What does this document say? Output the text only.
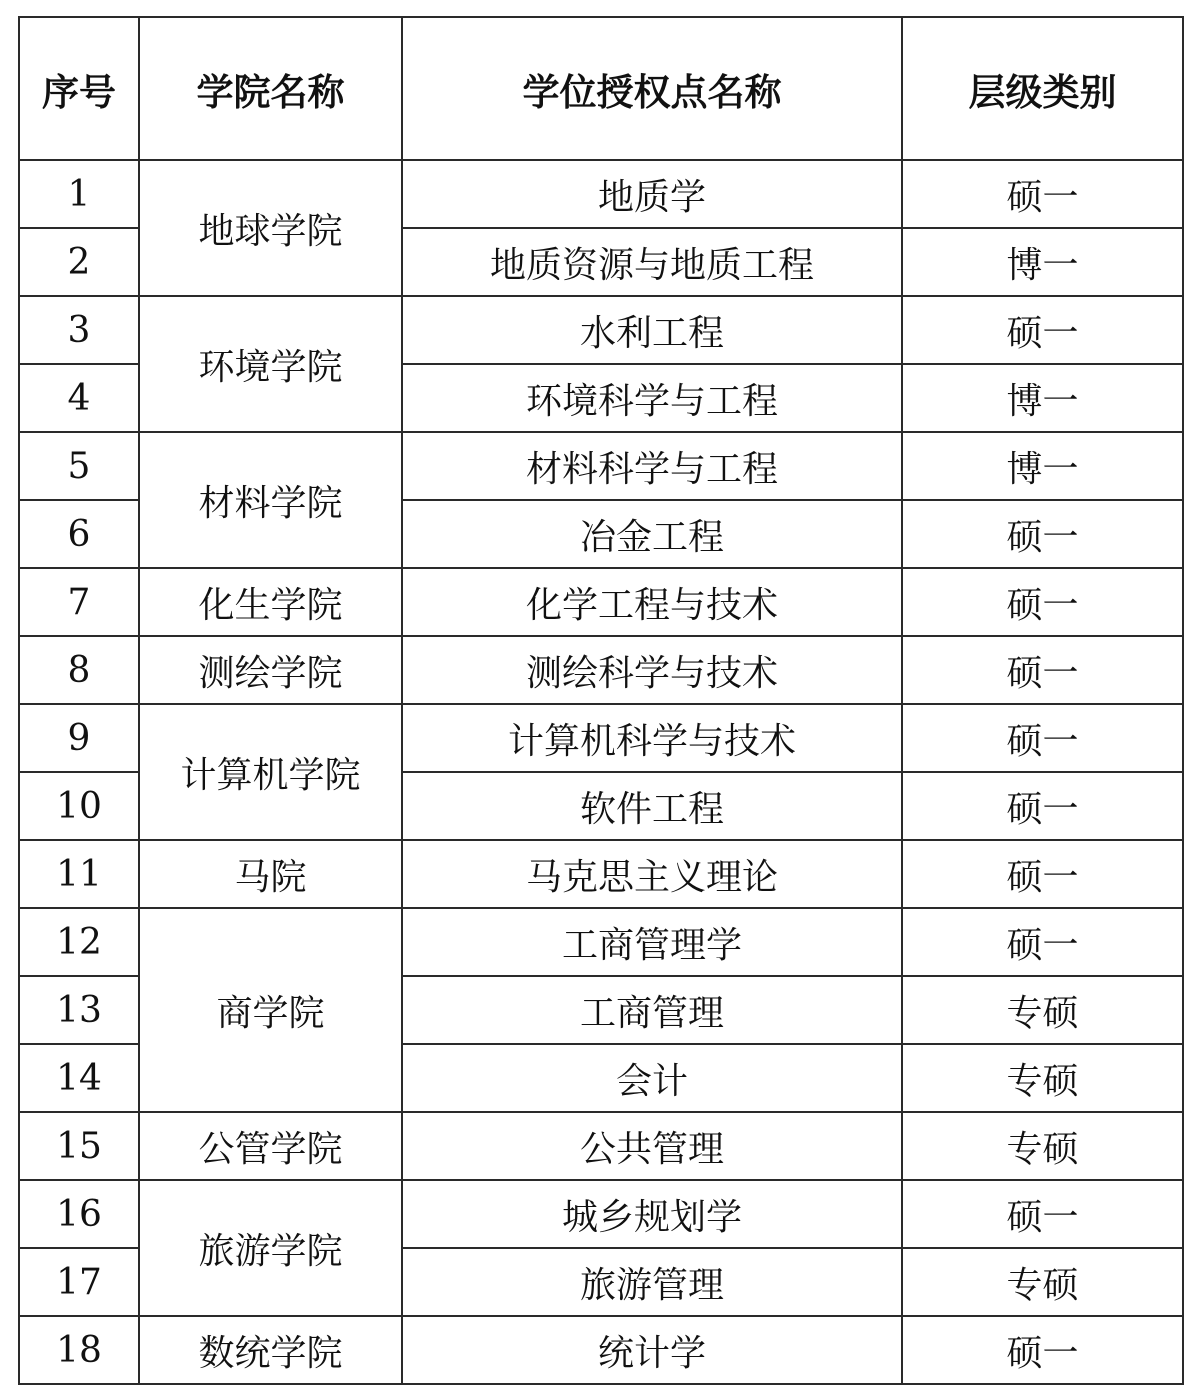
序号	学院名称	学位授权点名称	层级类别
1	地球学院	地质学	硕一
2		地质资源与地质工程	博一
3	环境学院	水利工程	硕一
4		环境科学与工程	博一
5	材料学院	材料科学与工程	博一
6		冶金工程	硕一
7	化生学院	化学工程与技术	硕一
8	测绘学院	测绘科学与技术	硕一
9	计算机学院	计算机科学与技术	硕一
10		软件工程	硕一
11	马院	马克思主义理论	硕一
12	商学院	工商管理学	硕一
13		工商管理	专硕
14		会计	专硕
15	公管学院	公共管理	专硕
16	旅游学院	城乡规划学	硕一
17		旅游管理	专硕
18	数统学院	统计学	硕一
